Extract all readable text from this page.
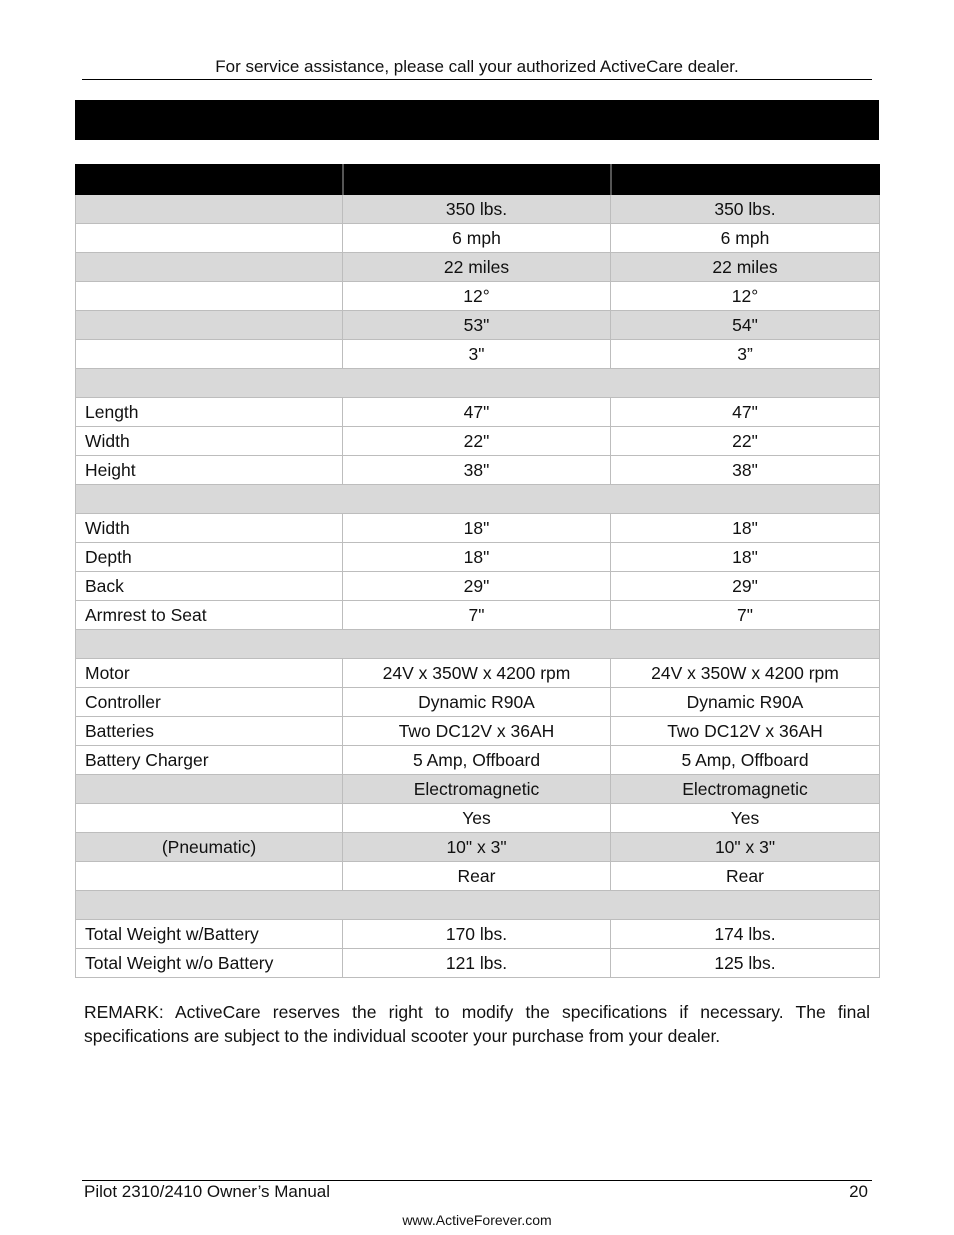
For service assistance, please call your authorized ActiveCare dealer.

	350 lbs.	350 lbs.
	6 mph	6 mph
	22 miles	22 miles
	12°	12°
	53"	54"
	3"	3”

Length	47"	47"
Width	22"	22"
Height	38"	38"

Width	18"	18"
Depth	18"	18"
Back	29"	29"
Armrest to Seat	7"	7"

Motor	24V x 350W x 4200 rpm	24V x 350W x 4200 rpm
Controller	Dynamic R90A	Dynamic R90A
Batteries	Two DC12V x 36AH	Two DC12V x 36AH
Battery Charger	5 Amp, Offboard	5 Amp, Offboard
	Electromagnetic	Electromagnetic
	Yes	Yes
(Pneumatic)	10" x 3"	10" x 3"
	Rear	Rear

Total Weight w/Battery	170 lbs.	174 lbs.
Total Weight w/o Battery	121 lbs.	125 lbs.
REMARK: ActiveCare reserves the right to modify the specifications if necessary. The final specifications are subject to the individual scooter your purchase from your dealer.
Pilot 2310/2410 Owner’s Manual	20
www.ActiveForever.com
